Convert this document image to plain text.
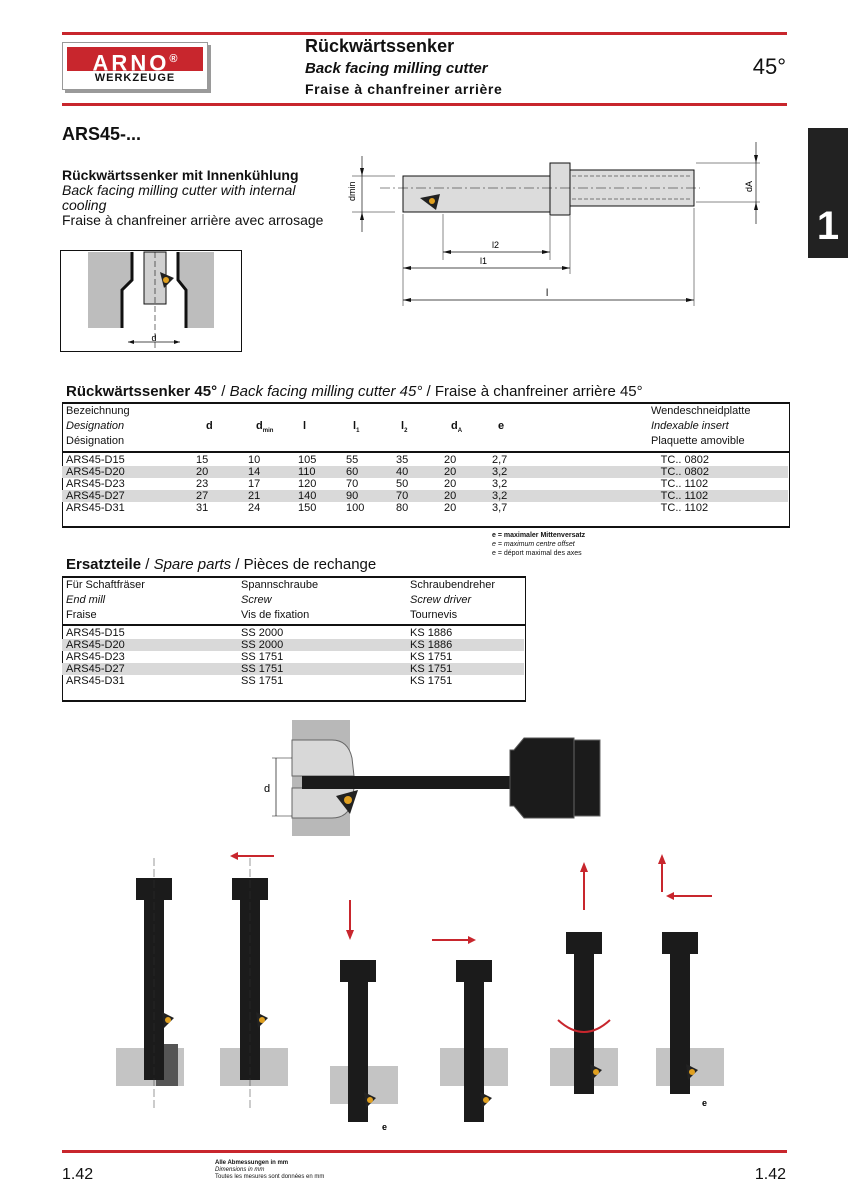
ARNO®
WERKZEUGE
Rückwärtssenker
Back facing milling cutter
Fraise à chanfreiner arrière
45°
1
ARS45-...
Rückwärtssenker mit Innenkühlung
Back facing milling cutter with internal cooling
Fraise à chanfreiner arrière avec arrosage
d
dmin	dA
l2
l1
l
Rückwärtssenker 45° / Back facing milling cutter 45° / Fraise à chanfreiner arrière 45°
Bezeichnung
Designation
Désignation
d	$d_{min}$	l	$l_1$	$l_2$	$d_A$	e
Wendeschneidplatte
Indexable insert
Plaquette amovible
ARS45-D15	15	10	105	55	35	20	2,7		TC.. 0802
ARS45-D20	20	14	110	60	40	20	3,2		TC.. 0802
ARS45-D23	23	17	120	70	50	20	3,2		TC.. 1102
ARS45-D27	27	21	140	90	70	20	3,2		TC.. 1102
ARS45-D31	31	24	150	100	80	20	3,7		TC.. 1102
e = maximaler Mittenversatz
e = maximum centre offset
e = déport maximal des axes
Ersatzteile / Spare parts / Pièces de rechange
Für Schaftfräser
End mill
Fraise
Spannschraube
Screw
Vis de fixation
Schraubendreher
Screw driver
Tournevis
ARS45-D15	SS 2000	KS 1886
ARS45-D20	SS 2000	KS 1886
ARS45-D23	SS 1751	KS 1751
ARS45-D27	SS 1751	KS 1751
ARS45-D31	SS 1751	KS 1751
d
e
e
1.42
Alle Abmessungen in mm
Dimensions in mm
Toutes les mesures sont données en mm	1.42
